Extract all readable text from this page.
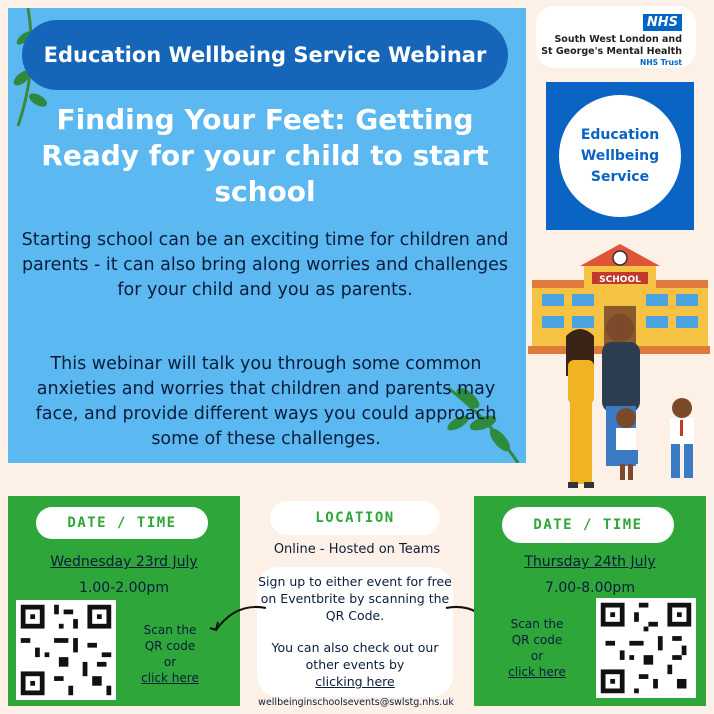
Education Wellbeing Service Webinar
Finding Your Feet: Getting Ready for your child to start school
Starting school can be an exciting time for children and parents - it can also bring along worries and challenges for your child and you as parents.
This webinar will talk you through some common anxieties and worries that children and parents may face, and provide different ways you could approach some of these challenges.
NHS
South West London and
St George's Mental Health
NHS Trust
Education
Wellbeing
Service
SCHOOL
DATE / TIME
Wednesday 23rd July
1.00-2.00pm
Scan the
QR code
or
click here
LOCATION
Online - Hosted on Teams
Sign up to either event for free on Eventbrite by scanning the QR Code.
You can also check out our other events by
clicking here
wellbeinginschoolsevents@swlstg.nhs.uk
DATE / TIME
Thursday 24th July
7.00-8.00pm
Scan the
QR code
or
click here
